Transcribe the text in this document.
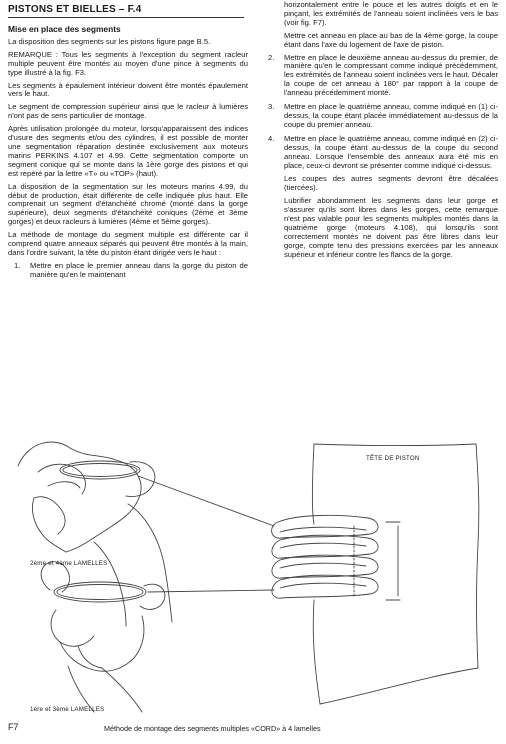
PISTONS ET BIELLES – F.4
Mise en place des segments

La disposition des segments sur les pistons figure page B.5.

REMARQUE : Tous les segments à l'exception du segment racleur multiple peuvent être montés au moyen d'une pince à segments du type illustré à la fig. F3.

Les segments à épaulement intérieur doivent être montés épaulement vers le haut.

Le segment de compression supérieur ainsi que le racleur à lumières n'ont pas de sens particulier de montage.

Après utilisation prolongée du moteur, lorsqu'apparaissent des indices d'usure des segments et/ou des cylindres, il est possible de monter une segmentation réparation destinée exclusivement aux moteurs marins PERKINS 4.107 et 4.99. Cette segmentation comporte un segment conique qui se monte dans la 1ère gorge des pistons et qui est repéré par la lettre «T» ou «TOP» (haut).

La disposition de la segmentation sur les moteurs marins 4.99, du début de production, était différente de celle indiquée plus haut. Elle comprenait un segment d'étanchéité chromé (monté dans la gorge supérieure), deux segments d'étanchéité coniques (2ème et 3ème gorges) et deux racleurs à lumières (4ème et 5ème gorges).

La méthode de montage du segment multiple est différente car il comprend quatre anneaux séparés qui peuvent être montés à la main, dans l'ordre suivant, la tête du piston étant dirigée vers le haut :

1. Mettre en place le premier anneau dans la gorge du piston de manière qu'en le maintenant

horizontalement entre le pouce et les autres doigts et en le pinçant, les extrémités de l'anneau soient inclinées vers le bas (voir fig. F7).

Mettre cet anneau en place au bas de la 4ème gorge, la coupe étant dans l'axe du logement de l'axe de piston.

2. Mettre en place le deuxième anneau au-dessus du premier, de manière qu'en le compressant comme indiqué précédemment, les extrémités de l'anneau soient inclinées vers le haut. Décaler la coupe de cet anneau à 180° par rapport à la coupe de l'anneau précédemment monté.
3. Mettre en place le quatrième anneau, comme indiqué en (1) ci-dessus, la coupe étant placée immédiatement au-dessus de la coupe du premier anneau.
4. Mettre en place le quatrième anneau, comme indiqué en (2) ci-dessus, la coupe étant au-dessus de la coupe du second anneau. Lorsque l'ensemble des anneaux aura été mis en place, ceux-ci devront se présenter comme indiqué ci-dessus.

Les coupes des autres segments devront être décalées (tiercées).

Lubrifier abondamment les segments dans leur gorge et s'assurer qu'ils sont libres dans les gorges, cette remarque n'est pas valable pour les segments multiples montés dans la quatrième gorge (moteurs 4.108), qui lorsqu'ils sont correctement montés ne doivent pas être libres dans leur gorge, compte tenu des pressions exercées par les anneaux supérieur et inférieur contre les flancs de la gorge.

TÊTE DE PISTON
2ème et 4ème LAMELLES
1ère et 3ème LAMELLES
F7	Méthode de montage des segments multiples «CORD» à 4 lamelles
